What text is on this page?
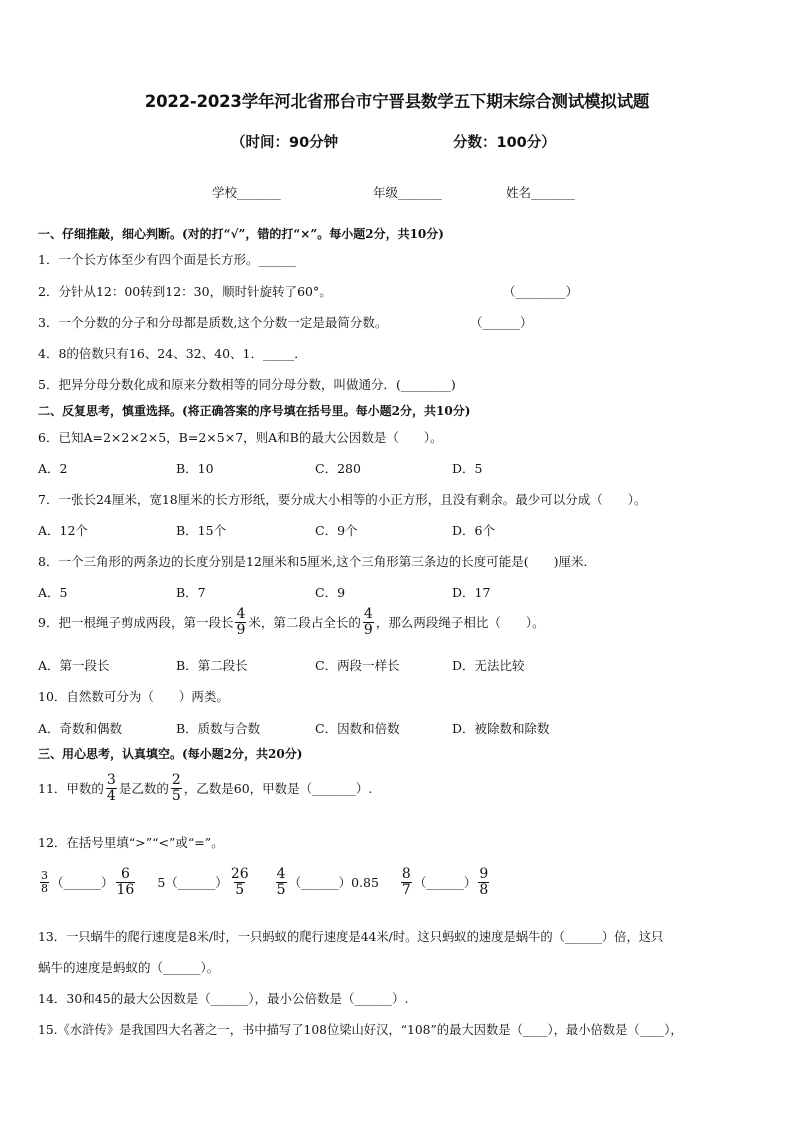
2022-2023学年河北省邢台市宁晋县数学五下期末综合测试模拟试题
（时间：90分钟	分数：100分）
学校_______	年级_______	姓名_______
一、仔细推敲，细心判断。(对的打“√”，错的打“×”。每小题2分，共10分)
1．一个长方体至少有四个面是长方形。______
2．分针从12：00转到12：30，顺时针旋转了60°。	（________）
3．一个分数的分子和分母都是质数,这个分数一定是最简分数。	（______）
4．8的倍数只有16、24、32、40、1．_____．
5．把异分母分数化成和原来分数相等的同分母分数，叫做通分．(________)
二、反复思考，慎重选择。(将正确答案的序号填在括号里。每小题2分，共10分)
6．已知A=2×2×2×5，B=2×5×7，则A和B的最大公因数是（　　）。
A．2	B．10	C．280	D．5
7．一张长24厘米，宽18厘米的长方形纸，要分成大小相等的小正方形，且没有剩余。最少可以分成（　　）。
A．12个	B．15个	C．9个	D．6个
8．一个三角形的两条边的长度分别是12厘米和5厘米,这个三角形第三条边的长度可能是(　　)厘米．
A．5	B．7	C．9	D．17
9．把一根绳子剪成两段，第一段长 $\frac{4}{9}$ 米，第二段占全长的 $\frac{4}{9}$ ，那么两段绳子相比（　　）。
A．第一段长	B．第二段长	C．两段一样长	D．无法比较
10．自然数可分为（　　）两类。
A．奇数和偶数	B．质数与合数	C．因数和倍数	D．被除数和除数
三、用心思考，认真填空。(每小题2分，共20分)
11．甲数的 $\frac{3}{4}$ 是乙数的 $\frac{2}{5}$ ，乙数是60，甲数是（_______）.
12．在括号里填“>”“<”或“=”。
$\frac{3}{8}$ （______） $\frac{6}{16} 5$ （______） $\frac{26}{5} \frac{4}{5}$ （______） $0.85 \frac{8}{7}$ （______） $\frac{9}{8}$
13．一只蜗牛的爬行速度是8米/时，一只蚂蚁的爬行速度是44米/时。这只蚂蚁的速度是蜗牛的（______）倍，这只
蜗牛的速度是蚂蚁的（______）。
14．30和45的最大公因数是（______），最小公倍数是（______）.
15.《水浒传》是我国四大名著之一，书中描写了108位梁山好汉，“108”的最大因数是（____），最小倍数是（____），
